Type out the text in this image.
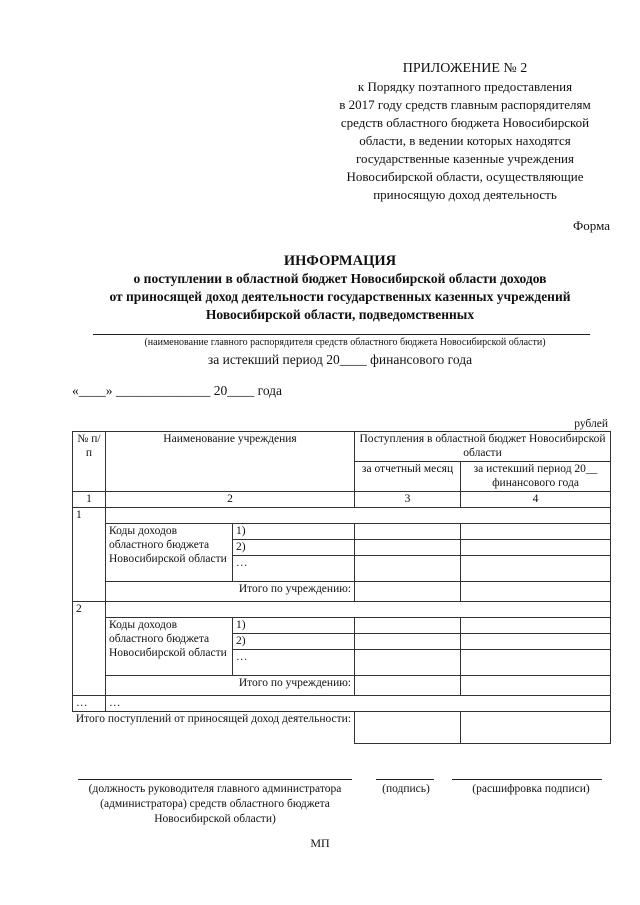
ПРИЛОЖЕНИЕ № 2
к Порядку поэтапного предоставления
в 2017 году средств главным распорядителям
средств областного бюджета Новосибирской
области, в ведении которых находятся
государственные казенные учреждения
Новосибирской области, осуществляющие
приносящую доход деятельность
Форма
ИНФОРМАЦИЯ
о поступлении в областной бюджет Новосибирской области доходов
от приносящей доход деятельности государственных казенных учреждений
Новосибирской области, подведомственных
(наименование главного распорядителя средств областного бюджета Новосибирской области)
за истекший период 20____ финансового года
«____» ______________ 20____ года
рублей
№ п/п	Наименование учреждения		Поступления в областной бюджет Новосибирской области	
			за отчетный месяц	за истекший период 20__ финансового года
1	2		3	4
1				
	Коды доходов областного бюджета Новосибирской области	1)		
		2)		
		…		
	Итого по учреждению:			
2				
	Коды доходов областного бюджета Новосибирской области	1)		
		2)		
		…		
	Итого по учреждению:			
…	…			
Итого поступлений от приносящей доход деятельности:				
(должность руководителя главного администратора (администратора) средств областного бюджета Новосибирской области)
(подпись)	(расшифровка подписи)
МП
